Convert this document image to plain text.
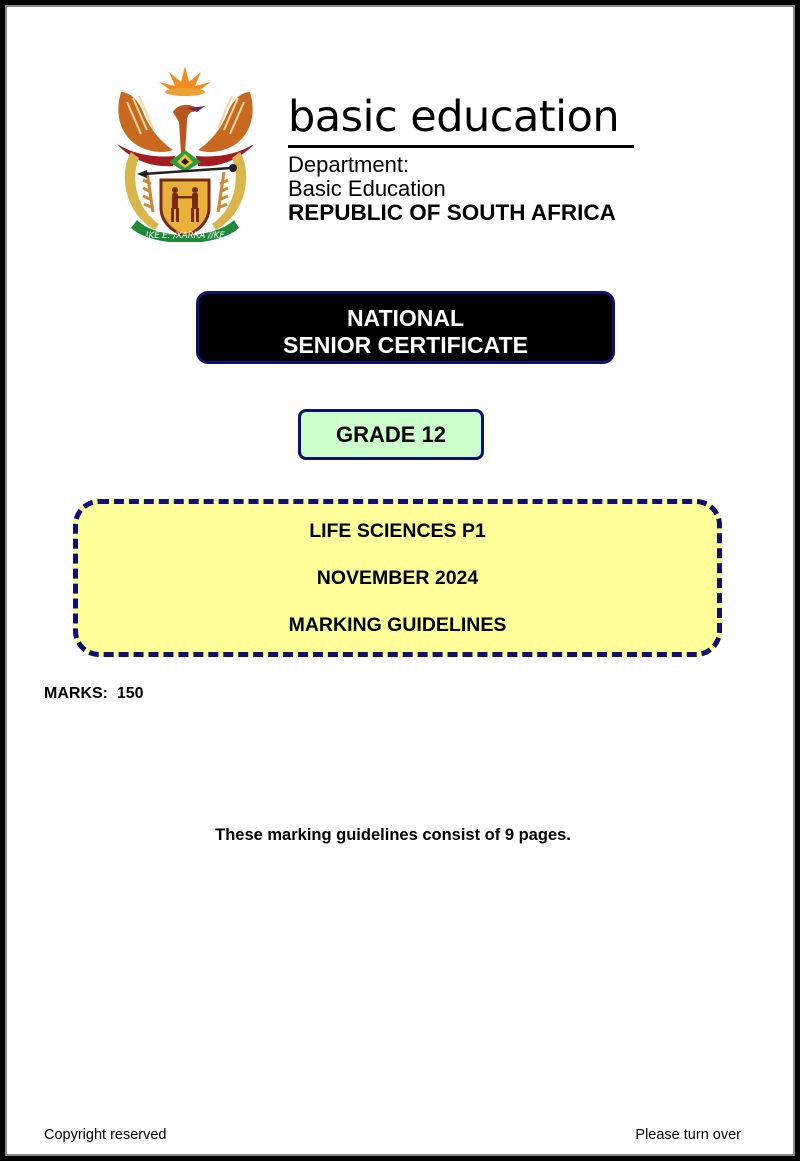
!KE E: /XARRA //KE
basic education
Department:
Basic Education
REPUBLIC OF SOUTH AFRICA
NATIONAL
SENIOR CERTIFICATE
GRADE 12
LIFE SCIENCES P1
NOVEMBER 2024
MARKING GUIDELINES
MARKS:  150
These marking guidelines consist of 9 pages.
Copyright reserved	Please turn over
